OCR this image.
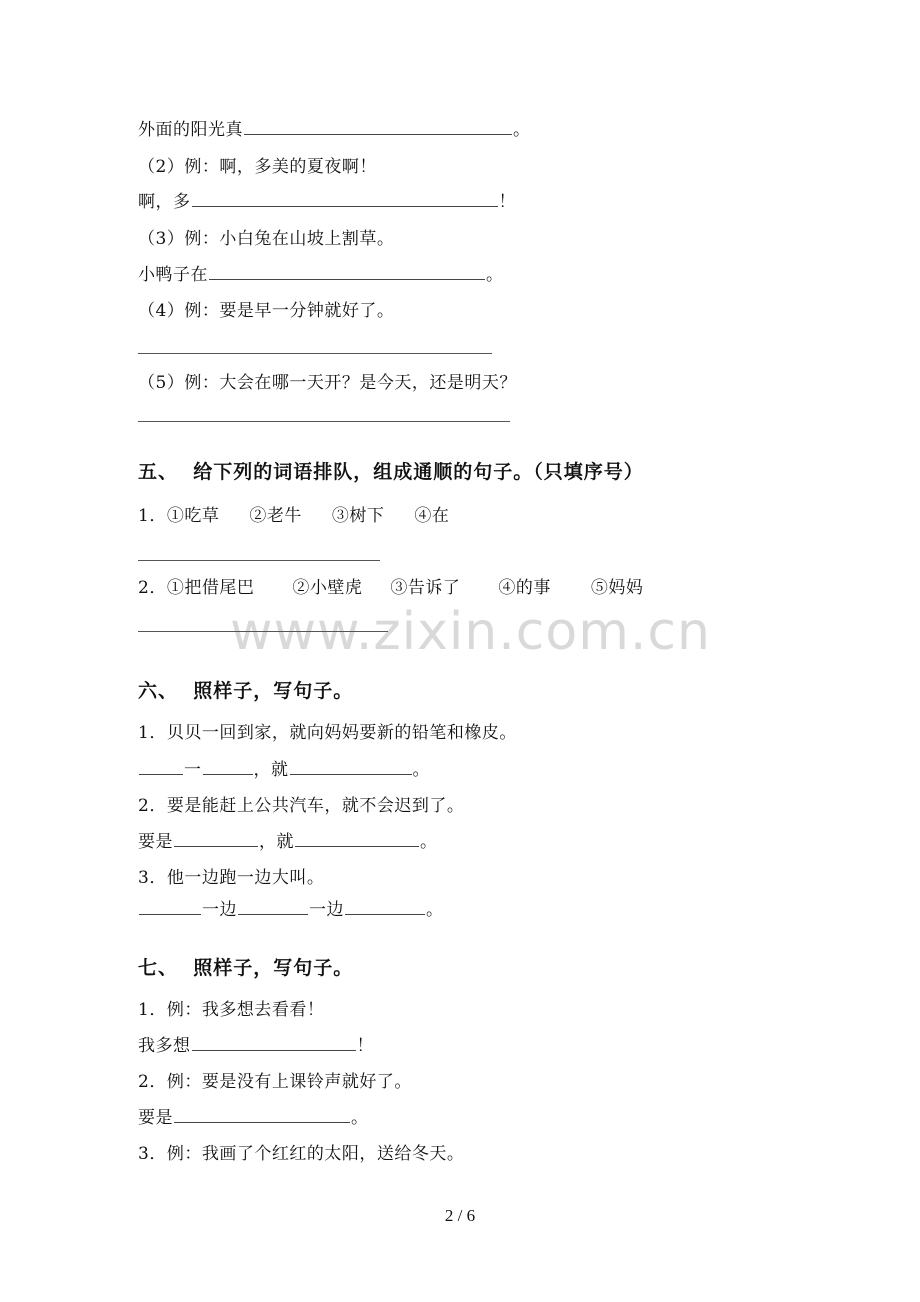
www.zixin.com.cn
外面的阳光真	。
（2）例：啊，多美的夏夜啊！
啊，多	！
（3）例：小白兔在山坡上割草。
小鸭子在	。
（4）例：要是早一分钟就好了。
（5）例：大会在哪一天开？是今天，还是明天？
五、  给下列的词语排队，组成通顺的句子。（只填序号）
1．①吃草 ②老牛 ③树下 ④在
2．①把借尾巴 ②小壁虎 ③告诉了 ④的事 ⑤妈妈
六、  照样子，写句子。
1．贝贝一回到家，就向妈妈要新的铅笔和橡皮。
一	，就	。
2．要是能赶上公共汽车，就不会迟到了。
要是	，就	。
3．他一边跑一边大叫。
一边	一边	。
七、  照样子，写句子。
1．例：我多想去看看！
我多想	！
2．例：要是没有上课铃声就好了。
要是	。
3．例：我画了个红红的太阳，送给冬天。
2 / 6
